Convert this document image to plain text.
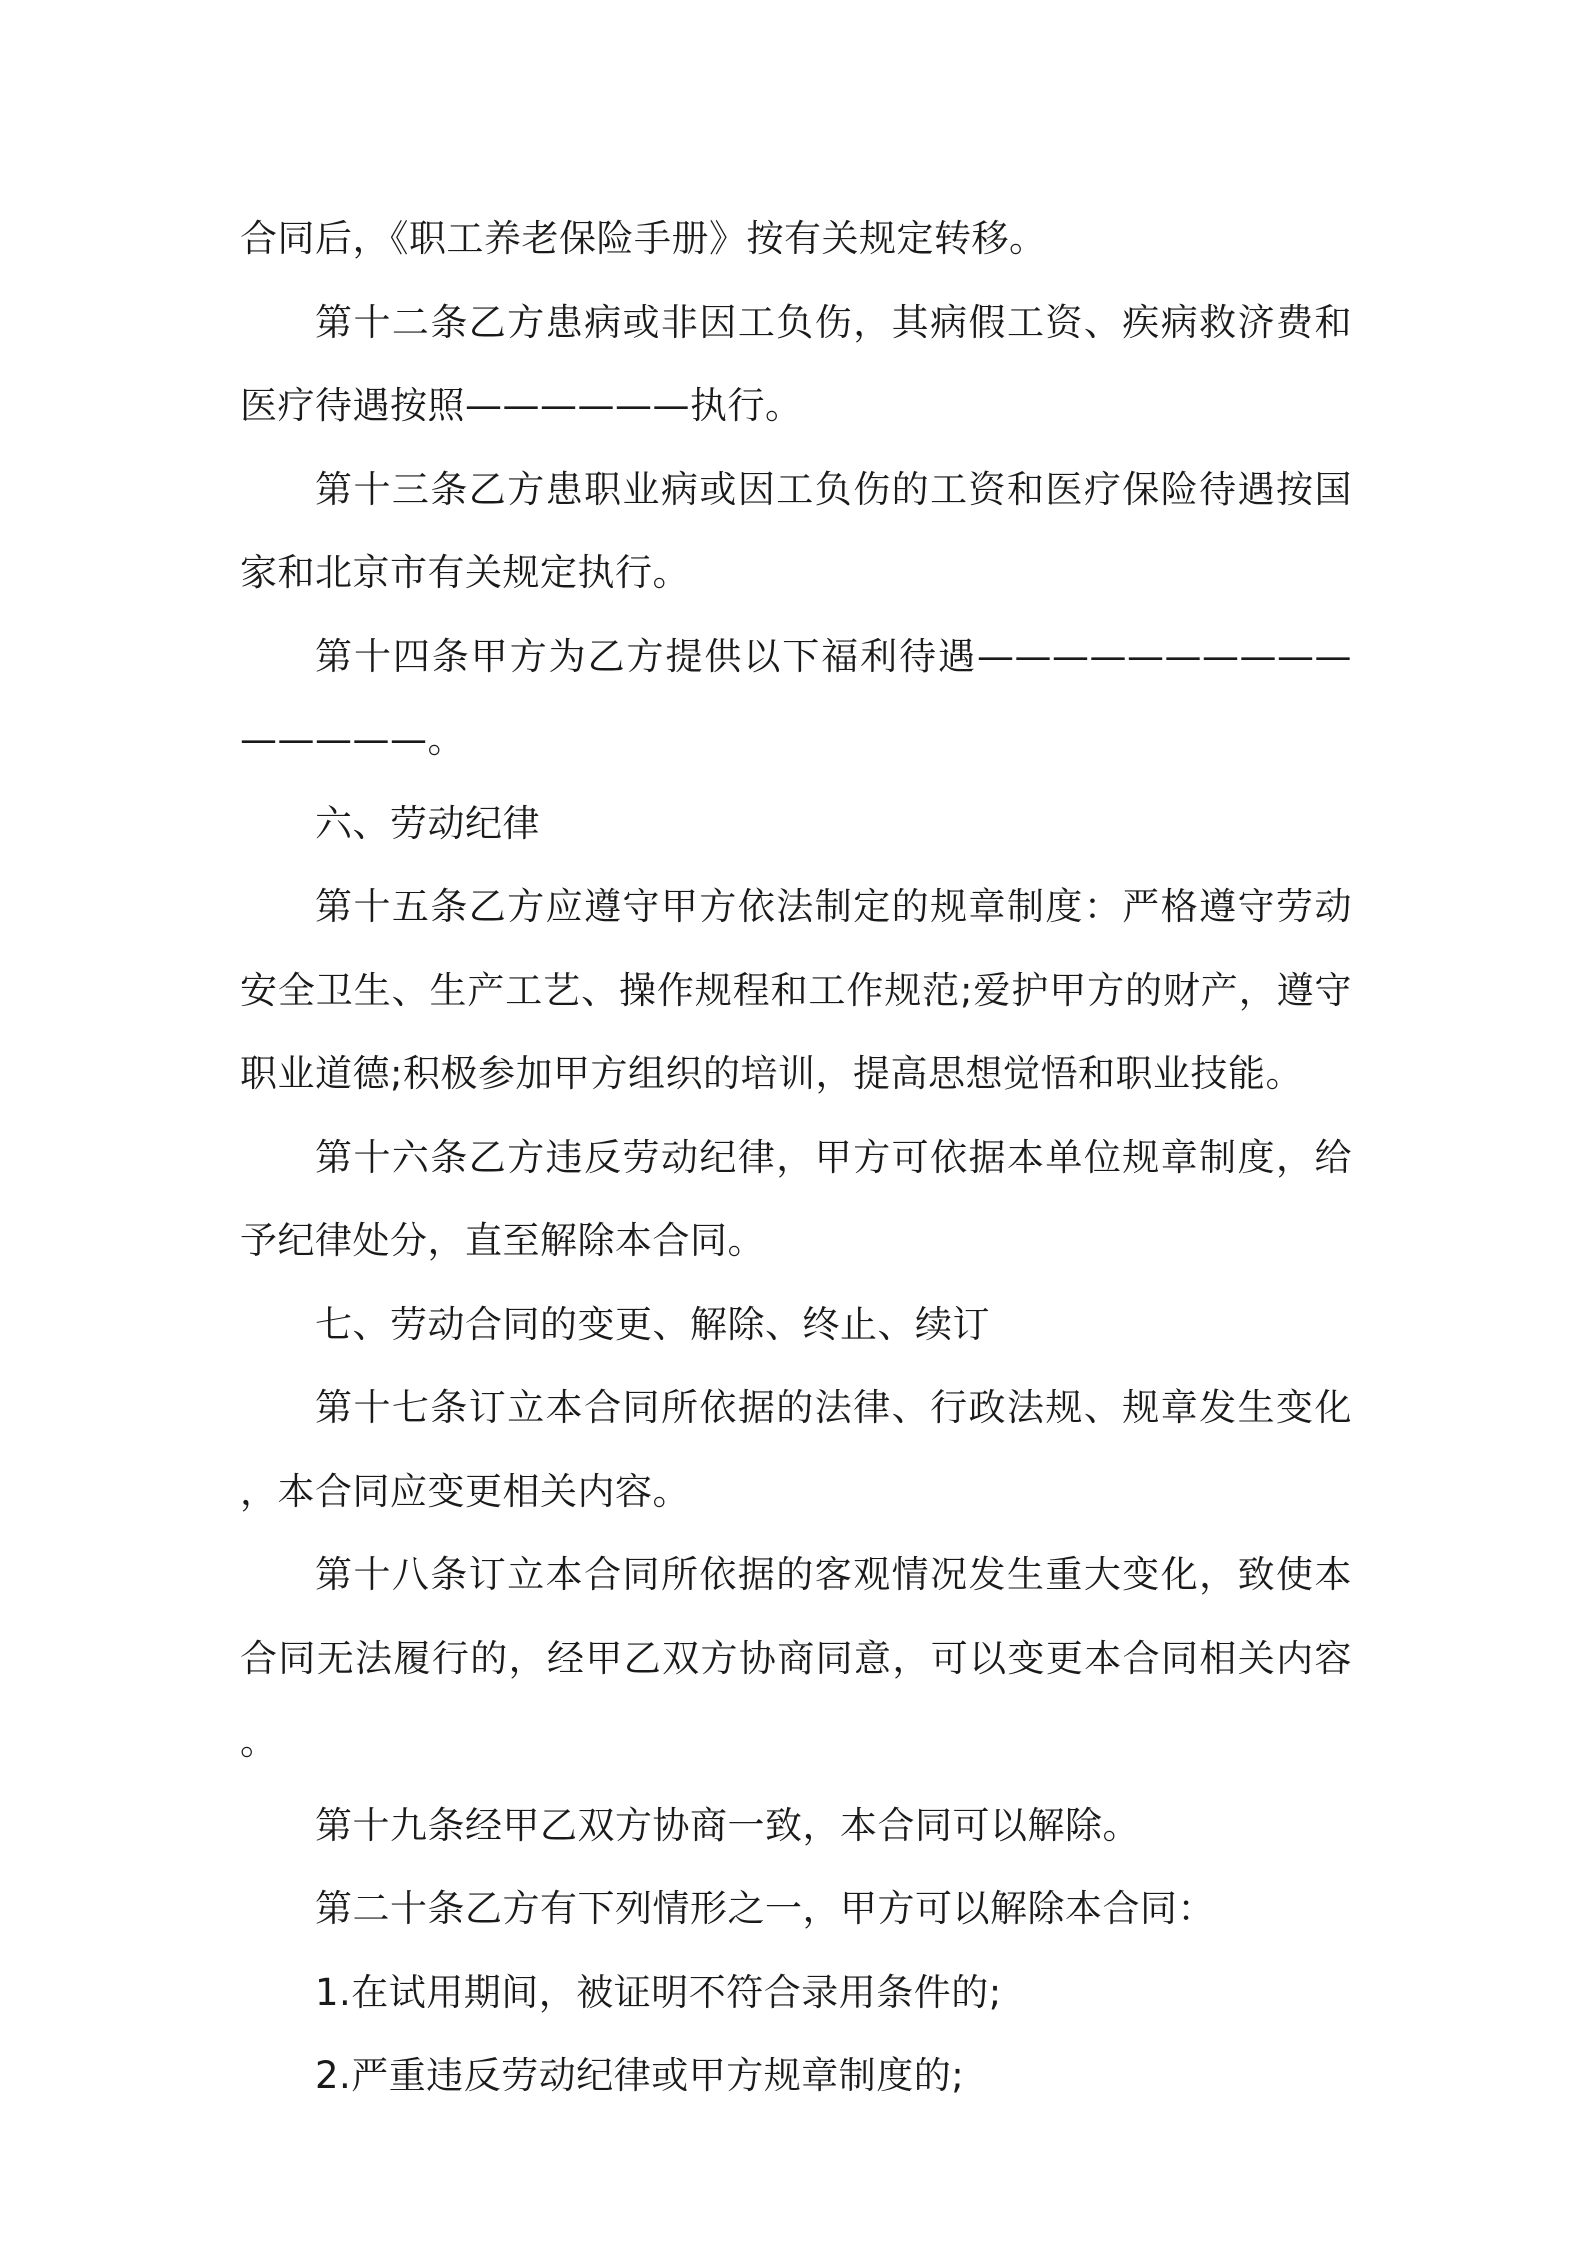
合同后，《职工养老保险手册》按有关规定转移。

第十二条乙方患病或非因工负伤，其病假工资、疾病救济费和医疗待遇按照——————执行。

第十三条乙方患职业病或因工负伤的工资和医疗保险待遇按国家和北京市有关规定执行。

第十四条甲方为乙方提供以下福利待遇———————————————。

六、劳动纪律

第十五条乙方应遵守甲方依法制定的规章制度：严格遵守劳动安全卫生、生产工艺、操作规程和工作规范;爱护甲方的财产，遵守职业道德;积极参加甲方组织的培训，提高思想觉悟和职业技能。

第十六条乙方违反劳动纪律，甲方可依据本单位规章制度，给予纪律处分，直至解除本合同。

七、劳动合同的变更、解除、终止、续订

第十七条订立本合同所依据的法律、行政法规、规章发生变化，本合同应变更相关内容。

第十八条订立本合同所依据的客观情况发生重大变化，致使本合同无法履行的，经甲乙双方协商同意，可以变更本合同相关内容。

第十九条经甲乙双方协商一致，本合同可以解除。

第二十条乙方有下列情形之一，甲方可以解除本合同：

1.在试用期间，被证明不符合录用条件的;

2.严重违反劳动纪律或甲方规章制度的;
